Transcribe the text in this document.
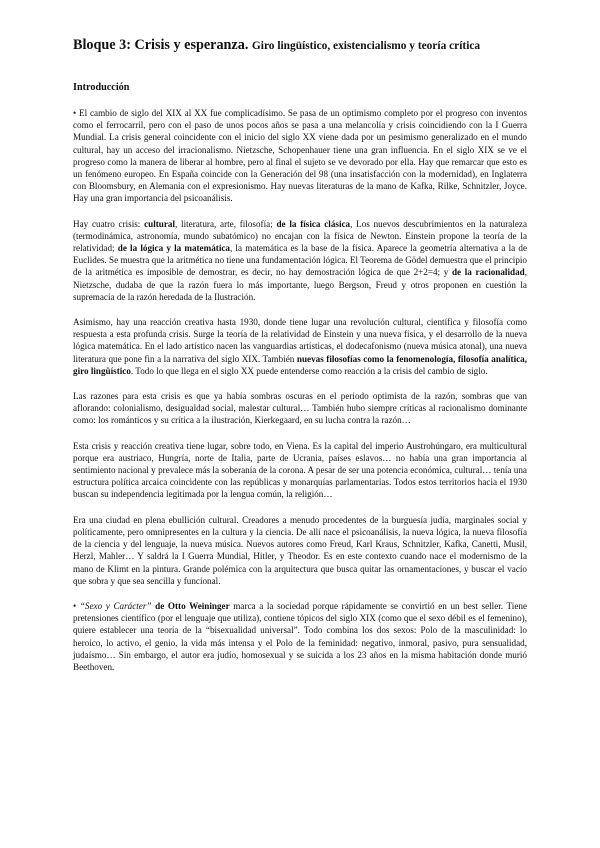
Bloque 3: Crisis y esperanza. Giro lingüístico, existencialismo y teoría crítica
Introducción

• El cambio de siglo del XIX al XX fue complicadísimo. Se pasa de un optimismo completo por el progreso con inventos como el ferrocarril, pero con el paso de unos pocos años se pasa a una melancolía y crisis coincidiendo con la I Guerra Mundial. La crisis general coincidente con el inicio del siglo XX viene dada por un pesimismo generalizado en el mundo cultural, hay un acceso del irracionalismo. Nietzsche, Schopenhauer tiene una gran influencia. En el siglo XIX se ve el progreso como la manera de liberar al hombre, pero al final el sujeto se ve devorado por ella. Hay que remarcar que esto es un fenómeno europeo. En España coincide con la Generación del 98 (una insatisfacción con la modernidad), en Inglaterra con Bloomsbury, en Alemania con el expresionismo. Hay nuevas literaturas de la mano de Kafka, Rilke, Schnitzler, Joyce. Hay una gran importancia del psicoanálisis.

Hay cuatro crisis: cultural, literatura, arte, filosofía; de la física clásica, Los nuevos descubrimientos en la naturaleza (termodinámica, astronomía, mundo subatómico) no encajan con la física de Newton. Einstein propone la teoría de la relatividad; de la lógica y la matemática, la matemática es la base de la física. Aparece la geometría alternativa a la de Euclides. Se muestra que la aritmética no tiene una fundamentación lógica. El Teorema de Gödel demuestra que el principio de la aritmética es imposible de demostrar, es decir, no hay demostración lógica de que 2+2=4; y de la racionalidad, Nietzsche, dudaba de que la razón fuera lo más importante, luego Bergson, Freud y otros proponen en cuestión la supremacía de la razón heredada de la Ilustración.

Asimismo, hay una reacción creativa hasta 1930, donde tiene lugar una revolución cultural, científica y filosofía como respuesta a esta profunda crisis. Surge la teoría de la relatividad de Einstein y una nueva física, y el desarrollo de la nueva lógica matemática. En el lado artístico nacen las vanguardias artísticas, el dodecafonismo (nueva música atonal), una nueva literatura que pone fin a la narrativa del siglo XIX. También nuevas filosofías como la fenomenología, filosofía analítica, giro lingüístico. Todo lo que llega en el siglo XX puede entenderse como reacción a la crisis del cambio de siglo.

Las razones para esta crisis es que ya había sombras oscuras en el periodo optimista de la razón, sombras que van aflorando: colonialismo, desigualdad social, malestar cultural… También hubo siempre críticas al racionalismo dominante como: los románticos y su crítica a la ilustración, Kierkegaard, en su lucha contra la razón…

Esta crisis y reacción creativa tiene lugar, sobre todo, en Viena. Es la capital del imperio Austrohúngaro, era multicultural porque era austriaco, Hungría, norte de Italia, parte de Ucrania, países eslavos… no había una gran importancia al sentimiento nacional y prevalece más la soberanía de la corona. A pesar de ser una potencia económica, cultural… tenía una estructura política arcaica coincidente con las repúblicas y monarquías parlamentarias. Todos estos territorios hacia el 1930 buscan su independencia legitimada por la lengua común, la religión…

Era una ciudad en plena ebullición cultural. Creadores a menudo procedentes de la burguesía judía, marginales social y políticamente, pero omnipresentes en la cultura y la ciencia. De allí nace el psicoanálisis, la nueva lógica, la nueva filosofía de la ciencia y del lenguaje, la nueva música. Nuevos autores como Freud, Karl Kraus, Schnitzler, Kafka, Canetti, Musil, Herzl, Mahler… Y saldrá la I Guerra Mundial, Hitler, y Theodor. Es en este contexto cuando nace el modernismo de la mano de Klimt en la pintura. Grande polémica con la arquitectura que busca quitar las ornamentaciones, y buscar el vacío que sobra y que sea sencilla y funcional.

• “Sexo y Carácter” de Otto Weininger marca a la sociedad porque rápidamente se convirtió en un best seller. Tiene pretensiones científico (por el lenguaje que utiliza), contiene tópicos del siglo XIX (como que el sexo débil es el femenino), quiere establecer una teoría de la “bisexualidad universal”. Todo combina los dos sexos: Polo de la masculinidad: lo heroico, lo activo, el genio, la vida más intensa y el Polo de la feminidad: negativo, inmoral, pasivo, pura sensualidad, judaísmo… Sin embargo, el autor era judío, homosexual y se suicida a los 23 años en la misma habitación donde murió Beethoven.
